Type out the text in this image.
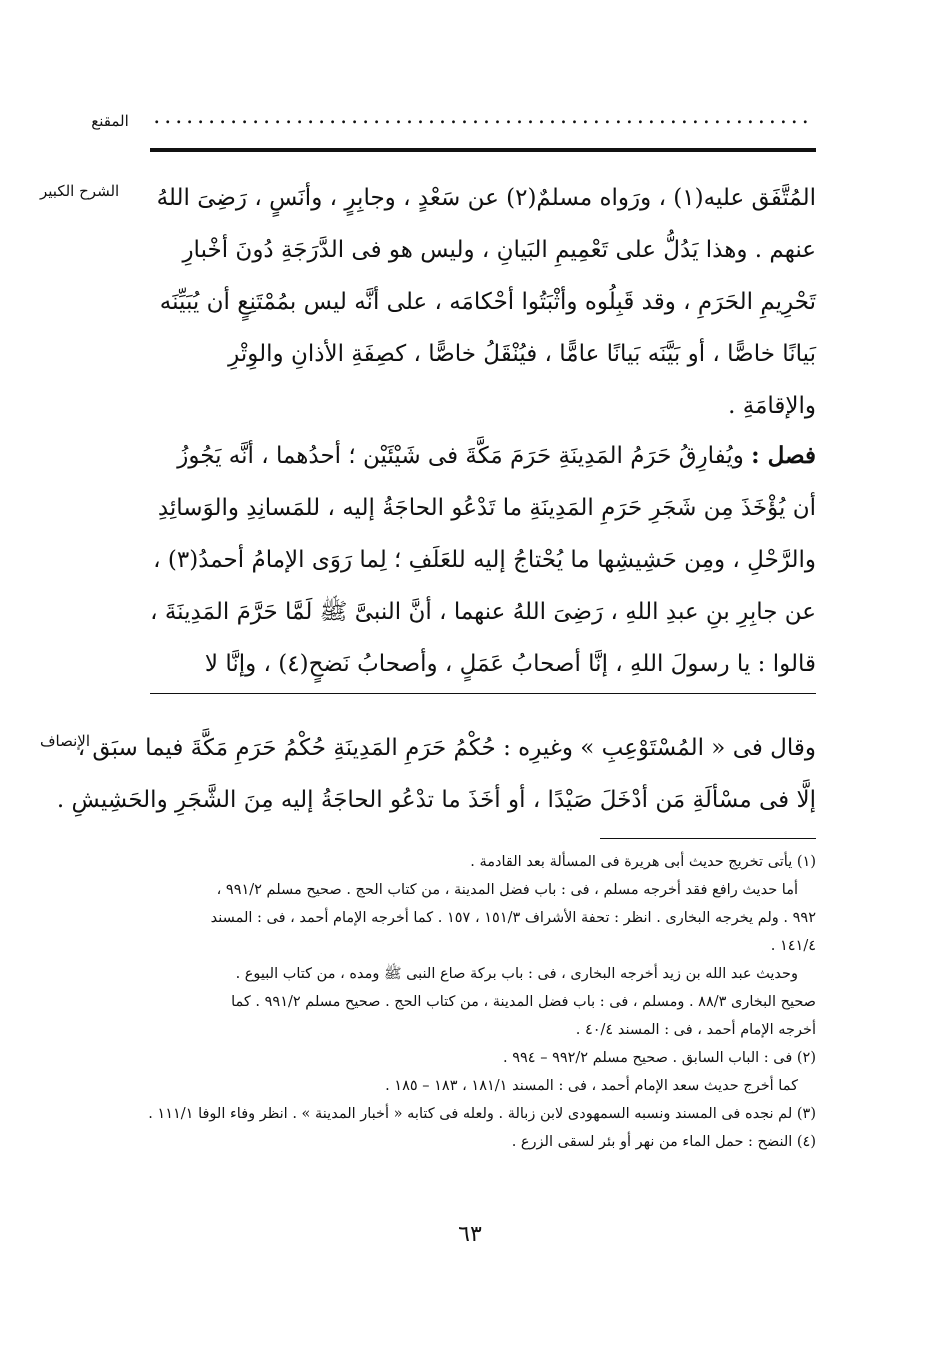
المقنع	............................................................
الشرح الكبير
الإنصاف
المُتَّفَق عليه(١) ، ورَواه مسلمٌ(٢) عن سَعْدٍ ، وجابِرٍ ، وأنَسٍ ، رَضِىَ اللهُ
عنهم . وهذا يَدُلُّ على تَعْمِيمِ البَيانِ ، وليس هو فى الدَّرَجَةِ دُونَ أخْبارِ
تَحْرِيمِ الحَرَمِ ، وقد قَبِلُوه وأثْبَتُوا أحْكامَه ، على أنَّه ليس بمُمْتَنِعٍ أن يُبَيِّنَه
بَيانًا خاصًّا ، أو بَيَّنَه بَيانًا عامًّا ، فيُنْقَلُ خاصًّا ، كصِفَةِ الأذانِ والوِتْرِ
والإقامَةِ .
فصل : ويُفارِقُ حَرَمُ المَدِينَةِ حَرَمَ مَكَّةَ فى شَيْئَيْن ؛ أحدُهما ، أنَّه يَجُوزُ
أن يُؤْخَذَ مِن شَجَرِ حَرَمِ المَدِينَةِ ما تَدْعُو الحاجَةُ إليه ، للمَسانِدِ والوَسائِدِ
والرَّحْلِ ، ومِن حَشِيشِها ما يُحْتاجُ إليه للعَلَفِ ؛ لِما رَوَى الإمامُ أحمدُ(٣) ،
عن جابِرِ بنِ عبدِ اللهِ ، رَضِىَ اللهُ عنهما ، أنَّ النبىَّ ﷺ لَمَّا حَرَّمَ المَدِينَةَ ،
قالوا : يا رسولَ اللهِ ، إنَّا أصحابُ عَمَلٍ ، وأصحابُ نَضحٍ(٤) ، وإنَّا لا
وقال فى « المُسْتَوْعِبِ » وغيرِه : حُكْمُ حَرَمِ المَدِينَةِ حُكْمُ حَرَمِ مَكَّةَ فيما سبَق ،
إلَّا فى مسْألَةِ مَن أدْخَلَ صَيْدًا ، أو أخَذَ ما تدْعُو الحاجَةُ إليه مِنَ الشَّجَرِ والحَشِيشِ .
(١) يأتى تخريج حديث أبى هريرة فى المسألة بعد القادمة .
أما حديث رافع فقد أخرجه مسلم ، فى : باب فضل المدينة ، من كتاب الحج . صحيح مسلم ٩٩١/٢ ،
٩٩٢ . ولم يخرجه البخارى . انظر : تحفة الأشراف ١٥١/٣ ، ١٥٧ . كما أخرجه الإمام أحمد ، فى : المسند
١٤١/٤ .
وحديث عبد الله بن زيد أخرجه البخارى ، فى : باب بركة صاع النبى ﷺ ومده ، من كتاب البيوع .
صحيح البخارى ٨٨/٣ . ومسلم ، فى : باب فضل المدينة ، من كتاب الحج . صحيح مسلم ٩٩١/٢ . كما
أخرجه الإمام أحمد ، فى : المسند ٤٠/٤ .
(٢) فى : الباب السابق . صحيح مسلم ٩٩٢/٢ – ٩٩٤ .
كما أخرج حديث سعد الإمام أحمد ، فى : المسند ١٨١/١ ، ١٨٣ – ١٨٥ .
(٣) لم نجده فى المسند ونسبه السمهودى لابن زبالة . ولعله فى كتابه « أخبار المدينة » . انظر وفاء الوفا ١١١/١ .
(٤) النضح : حمل الماء من نهر أو بئر لسقى الزرع .
٦٣
